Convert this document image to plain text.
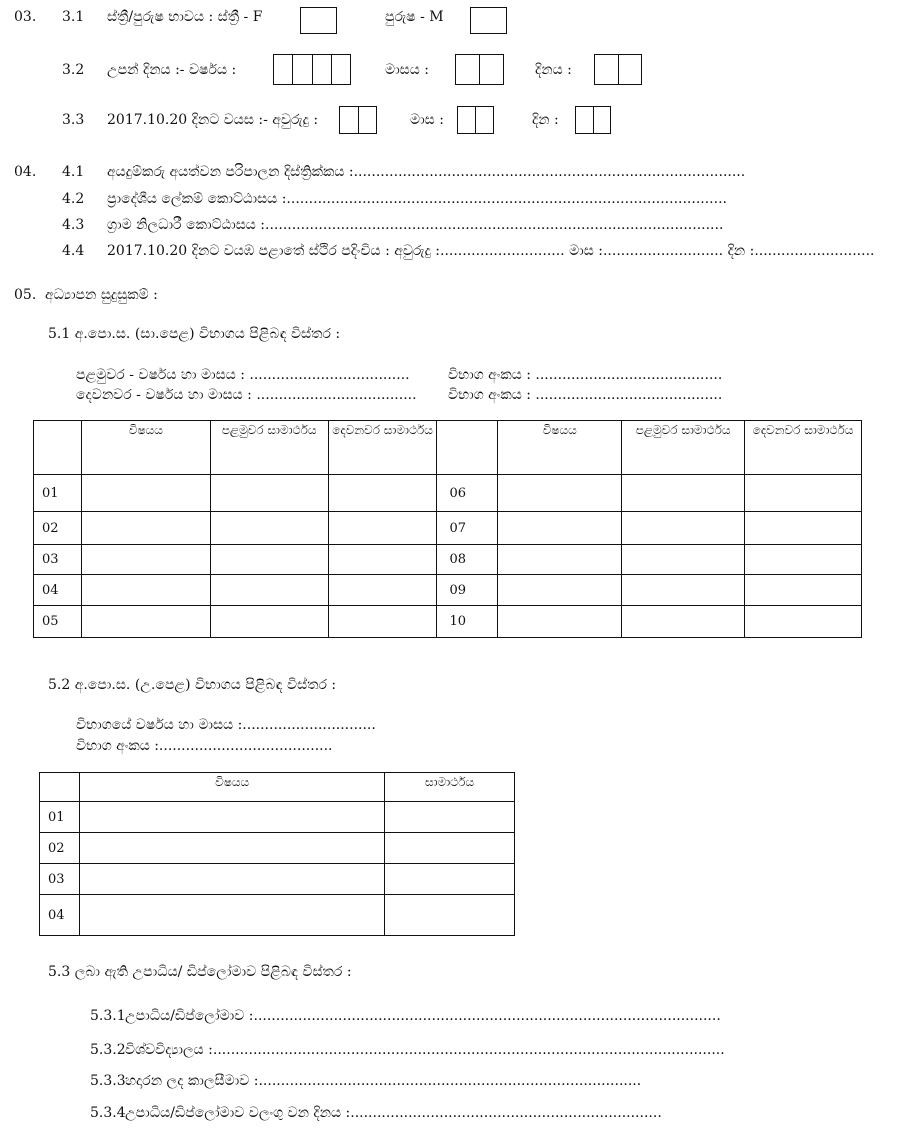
03. 3.1 ස්ත්‍රී/පුරුෂ භාවය : ස්ත්‍රී - F	පුරුෂ - M
3.2 උපන් දිනය :- වර්ෂය :	මාසය :	දිනය :
3.3 2017.10.20 දිනට වයස :- අවුරුදු :	මාස :	දින :
04. 4.1 අයදුම්කරු අයත්වන පරිපාලන දිස්ත්‍රික්කය :........................................................................................
4.2 ප්‍රාදේශීය ලේකම් කොට්ඨාසය :...................................................................................................
4.3 ග්‍රාම නිලධාරී කොට්ඨාසය :.......................................................................................................
4.4 2017.10.20 දිනට වයඹ පළාතේ ස්ථිර පදිංචිය : අවුරුදු :............................ මාස :........................... දින :...........................
05. අධ්‍යාපන සුදුසුකම් :
5.1 අ.පො.ස. (සා.පෙළ) විභාගය පිළිබඳ විස්තර :
පළමුවර - වර්ෂය හා මාසය : ....................................	විභාග අංකය : ..........................................
දෙවනවර - වර්ෂය හා මාසය : .................................... විභාග අංකය : ..........................................
	විෂයය	පළමුවර සාමාර්ථය	දෙවනවර සාමාර්ථය		විෂයය	පළමුවර සාමාර්ථය	දෙවනවර සාමාර්ථය
01				06			
02				07			
03				08			
04				09			
05				10			
5.2 අ.පො.ස. (උ.පෙළ) විභාගය පිළිබඳ විස්තර :
විභාගයේ වර්ෂය හා මාසය :..............................
විභාග අංකය :.......................................
	විෂයය	සාමාර්ථය
01		
02		
03		
04		
5.3 ලබා ඇති උපාධිය/ ඩිප්ලෝමාව පිළිබඳ විස්තර :
5.3.1 උපාධිය/ඩිප්ලෝමාව :.........................................................................................................
5.3.2 විශ්වවිද්‍යාලය :...................................................................................................................
5.3.3 හදාරන ලද කාලසීමාව :......................................................................................
5.3.4 උපාධිය/ඩිප්ලෝමාව වලංගු වන දිනය :......................................................................
